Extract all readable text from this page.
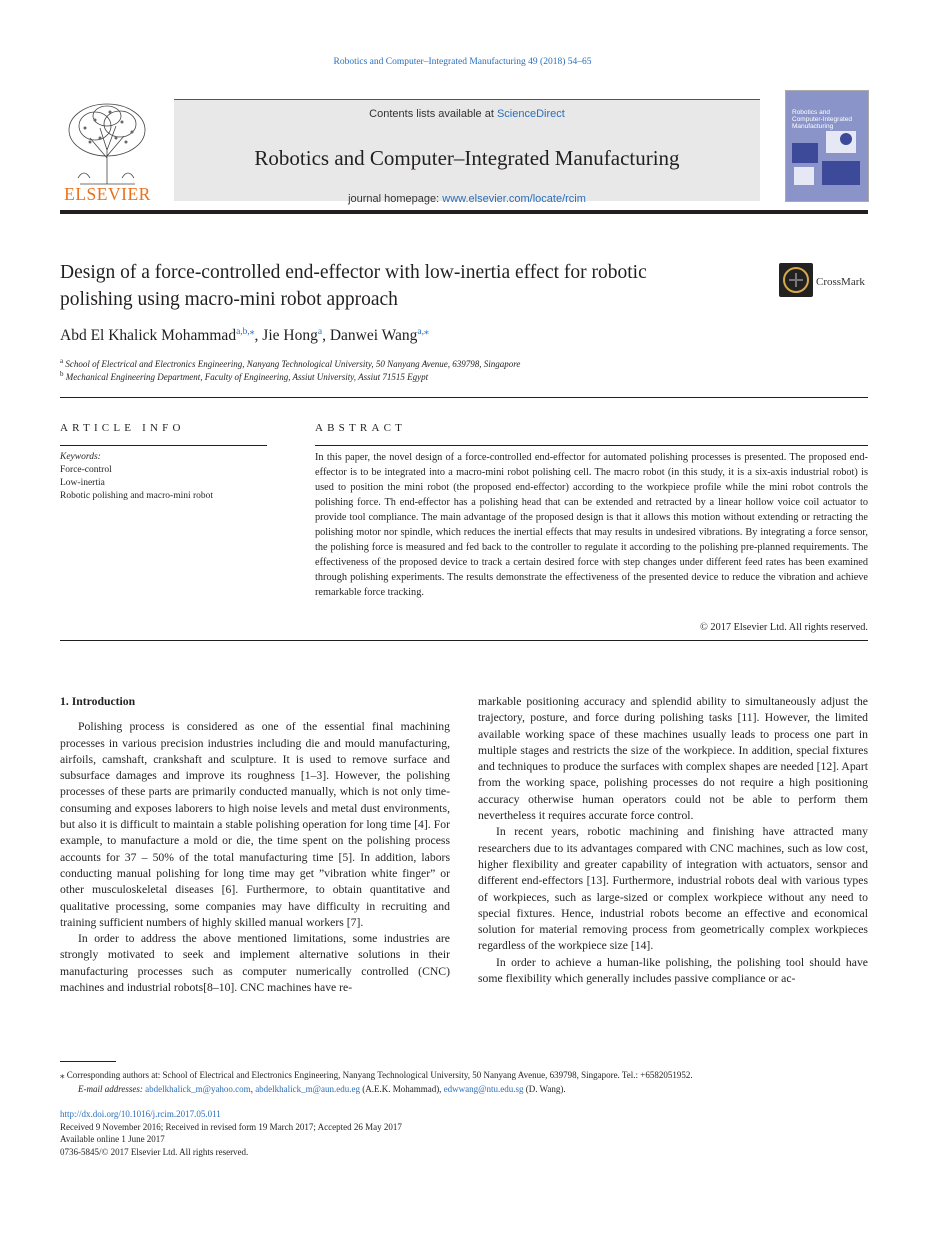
Robotics and Computer–Integrated Manufacturing 49 (2018) 54–65
ELSEVIER
Contents lists available at ScienceDirect
Robotics and Computer–Integrated Manufacturing
journal homepage: www.elsevier.com/locate/rcim
Robotics and Computer-Integrated Manufacturing
Design of a force-controlled end-effector with low-inertia effect for robotic
polishing using macro-mini robot approach
CrossMark
Abd El Khalick Mohammad$^{a,b,⁎}$, Jie Hong$^a$, Danwei Wang$^{a,⁎}$
$^a$ School of Electrical and Electronics Engineering, Nanyang Technological University, 50 Nanyang Avenue, 639798, Singapore
$^b$ Mechanical Engineering Department, Faculty of Engineering, Assiut University, Assiut 71515 Egypt
ARTICLE INFO
Keywords:
Force-control
Low-inertia
Robotic polishing and macro-mini robot
ABSTRACT
In this paper, the novel design of a force-controlled end-effector for automated polishing processes is presented. The proposed end-effector is to be integrated into a macro-mini robot polishing cell. The macro robot (in this study, it is a six-axis industrial robot) is used to position the mini robot (the proposed end-effector) according to the workpiece profile while the mini robot controls the polishing force. Th end-effector has a polishing head that can be extended and retracted by a linear hollow voice coil actuator to provide tool compliance. The main advantage of the proposed design is that it allows this motion without extending or retracting the polishing motor nor spindle, which reduces the inertial effects that may results in undesired vibrations. By integrating a force sensor, the polishing force is measured and fed back to the controller to regulate it according to the polishing pre-planned requirements. The effectiveness of the proposed device to track a certain desired force with step changes under different feed rates has been examined through polishing experiments. The results demonstrate the effectiveness of the presented device to reduce the vibration and achieve remarkable force tracking.
© 2017 Elsevier Ltd. All rights reserved.
1. Introduction

Polishing process is considered as one of the essential final machining processes in various precision industries including die and mould manufacturing, airfoils, camshaft, crankshaft and sculpture. It is used to remove surface and subsurface damages and improve its roughness [1–3]. However, the polishing processes of these parts are primarily conducted manually, which is not only time-consuming and exposes laborers to high noise levels and metal dust environments, but also it is difficult to maintain a stable polishing operation for long time [4]. For example, to manufacture a mold or die, the time spent on the polishing process accounts for 37 – 50% of the total manufacturing time [5]. In addition, labors conducting manual polishing for long time may get ”vibration white finger” or other musculoskeletal diseases [6]. Furthermore, to obtain quantitative and qualitative processing, some companies may have difficulty in recruiting and training sufficient numbers of highly skilled manual workers [7].

In order to address the above mentioned limitations, some industries are strongly motivated to seek and implement alternative solutions in their manufacturing processes such as computer numerically controlled (CNC) machines and industrial robots[8–10]. CNC machines have re-

markable positioning accuracy and splendid ability to simultaneously adjust the trajectory, posture, and force during polishing tasks [11]. However, the limited available working space of these machines usually leads to process one part in multiple stages and restricts the size of the workpiece. In addition, special fixtures and techniques to produce the surfaces with complex shapes are needed [12]. Apart from the working space, polishing processes do not require a high positioning accuracy otherwise human operators could not be able to perform them nevertheless it requires accurate force control.

In recent years, robotic machining and finishing have attracted many researchers due to its advantages compared with CNC machines, such as low cost, higher flexibility and greater capability of integration with actuators, sensor and different end-effectors [13]. Furthermore, industrial robots deal with various types of workpieces, such as large-sized or complex workpiece without any need to special fixtures. Hence, industrial robots become an effective and economical solution for material removing process from geometrically complex workpieces regardless of the workpiece size [14].

In order to achieve a human-like polishing, the polishing tool should have some flexibility which generally includes passive compliance or ac-

⁎ Corresponding authors at: School of Electrical and Electronics Engineering, Nanyang Technological University, 50 Nanyang Avenue, 639798, Singapore. Tel.: +6582051952.
E-mail addresses: abdelkhalick_m@yahoo.com, abdelkhalick_m@aun.edu.eg (A.E.K. Mohammad), edwwang@ntu.edu.sg (D. Wang).
http://dx.doi.org/10.1016/j.rcim.2017.05.011
Received 9 November 2016; Received in revised form 19 March 2017; Accepted 26 May 2017
Available online 1 June 2017
0736-5845/© 2017 Elsevier Ltd. All rights reserved.
